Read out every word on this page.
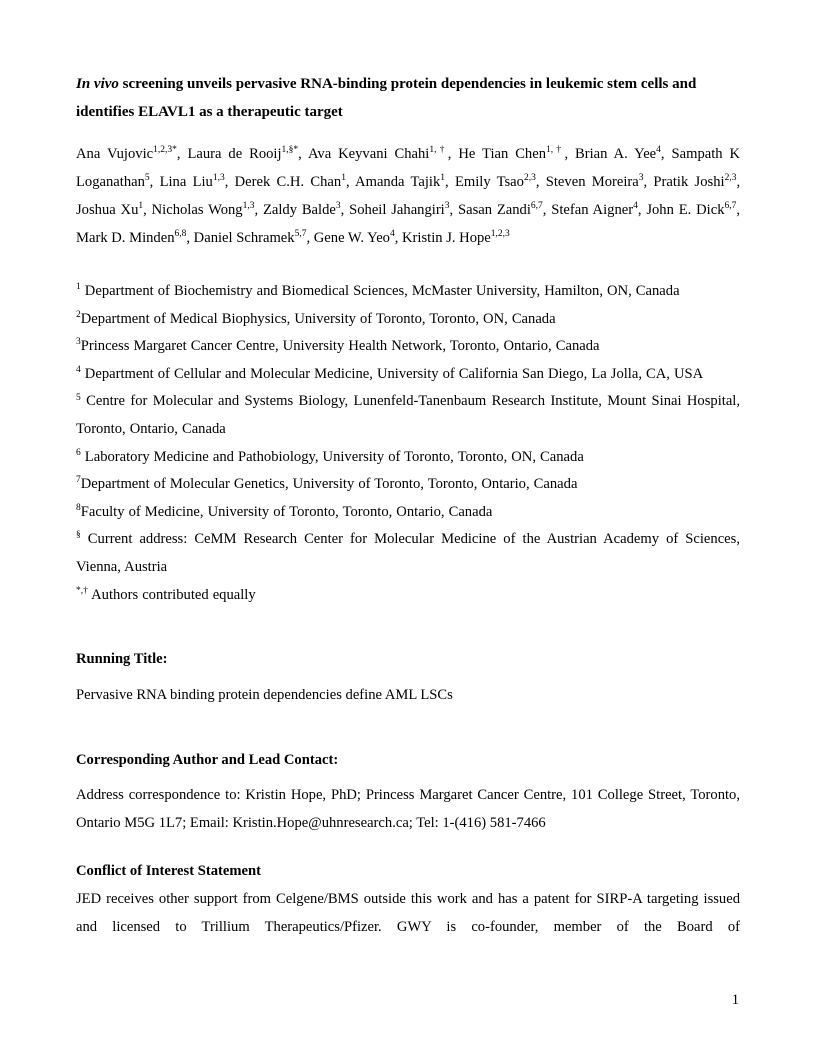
In vivo screening unveils pervasive RNA-binding protein dependencies in leukemic stem cells and identifies ELAVL1 as a therapeutic target

Ana Vujovic$^{1,2,3*}$, Laura de Rooij$^{1,\S*}$, Ava Keyvani Chahi$^{1,\dagger}$, He Tian Chen$^{1,\dagger}$, Brian A. Yee$^4$, Sampath K Loganathan$^5$, Lina Liu$^{1,3}$, Derek C.H. Chan$^1$, Amanda Tajik$^1$, Emily Tsao$^{2,3}$, Steven Moreira$^3$, Pratik Joshi$^{2,3}$, Joshua Xu$^1$, Nicholas Wong$^{1,3}$, Zaldy Balde$^3$, Soheil Jahangiri$^3$, Sasan Zandi$^{6,7}$, Stefan Aigner$^4$, John E. Dick$^{6,7}$, Mark D. Minden$^{6,8}$, Daniel Schramek$^{5,7}$, Gene W. Yeo$^4$, Kristin J. Hope$^{1,2,3}$
$^1$ Department of Biochemistry and Biomedical Sciences, McMaster University, Hamilton, ON, Canada
$^2$Department of Medical Biophysics, University of Toronto, Toronto, ON, Canada
$^3$Princess Margaret Cancer Centre, University Health Network, Toronto, Ontario, Canada
$^4$ Department of Cellular and Molecular Medicine, University of California San Diego, La Jolla, CA, USA
$^5$ Centre for Molecular and Systems Biology, Lunenfeld-Tanenbaum Research Institute, Mount Sinai Hospital, Toronto, Ontario, Canada
$^6$ Laboratory Medicine and Pathobiology, University of Toronto, Toronto, ON, Canada
$^7$Department of Molecular Genetics, University of Toronto, Toronto, Ontario, Canada
$^8$Faculty of Medicine, University of Toronto, Toronto, Ontario, Canada
§ Current address: CeMM Research Center for Molecular Medicine of the Austrian Academy of Sciences, Vienna, Austria
*,† Authors contributed equally

Running Title:

Pervasive RNA binding protein dependencies define AML LSCs

Corresponding Author and Lead Contact:

Address correspondence to: Kristin Hope, PhD; Princess Margaret Cancer Centre, 101 College Street, Toronto, Ontario M5G 1L7; Email: Kristin.Hope@uhnresearch.ca; Tel: 1-(416) 581-7466

Conflict of Interest Statement

JED receives other support from Celgene/BMS outside this work and has a patent for SIRP-A targeting issued and licensed to Trillium Therapeutics/Pfizer. GWY is co-founder, member of the Board of
1
